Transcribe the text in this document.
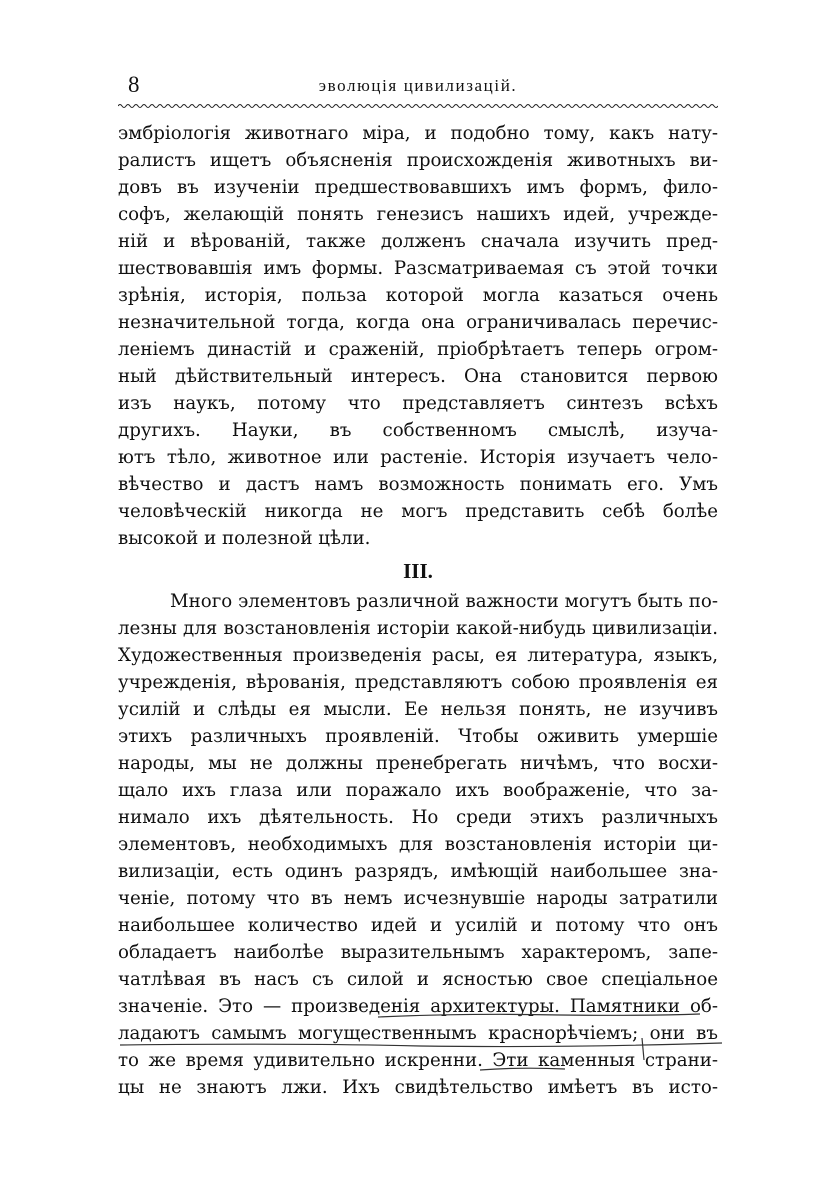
8	эволюція цивилизацій.
эмбріологія животнаго міра, и подобно тому, какъ нату-
ралистъ ищетъ объясненія происхожденія животныхъ ви-
довъ въ изученіи предшествовавшихъ имъ формъ, фило-
софъ, желающій понять генезисъ нашихъ идей, учрежде-
ній и вѣрованій, также долженъ сначала изучить пред-
шествовавшія имъ формы. Разсматриваемая съ этой точки
зрѣнія, исторія, польза которой могла казаться очень
незначительной тогда, когда она ограничивалась перечис-
леніемъ династій и сраженій, пріобрѣтаетъ теперь огром-
ный дѣйствительный интересъ. Она становится первою
изъ наукъ, потому что представляетъ синтезъ всѣхъ
другихъ. Науки, въ собственномъ смыслѣ, изуча-
ютъ тѣло, животное или растеніе. Исторія изучаетъ чело-
вѣчество и дастъ намъ возможность понимать его. Умъ
человѣческій никогда не могъ представить себѣ болѣе
высокой и полезной цѣли.
III.
Много элементовъ различной важности могутъ быть по-
лезны для возстановленія исторіи какой-нибудь цивилизаціи.
Художественныя произведенія расы, ея литература, языкъ,
учрежденія, вѣрованія, представляютъ собою проявленія ея
усилій и слѣды ея мысли. Ее нельзя понять, не изучивъ
этихъ различныхъ проявленій. Чтобы оживить умершіе
народы, мы не должны пренебрегать ничѣмъ, что восхи-
щало ихъ глаза или поражало ихъ воображеніе, что за-
нимало ихъ дѣятельность. Но среди этихъ различныхъ
элементовъ, необходимыхъ для возстановленія исторіи ци-
вилизаціи, есть одинъ разрядъ, имѣющій наибольшее зна-
ченіе, потому что въ немъ исчезнувшіе народы затратили
наибольшее количество идей и усилій и потому что онъ
обладаетъ наиболѣе выразительнымъ характеромъ, запе-
чатлѣвая въ насъ съ силой и ясностью свое спеціальное
значеніе. Это — произведенія архитектуры. Памятники об-
ладаютъ самымъ могущественнымъ краснорѣчіемъ; они въ
то же время удивительно искренни. Эти каменныя страни-
цы не знаютъ лжи. Ихъ свидѣтельство имѣетъ въ исто-
